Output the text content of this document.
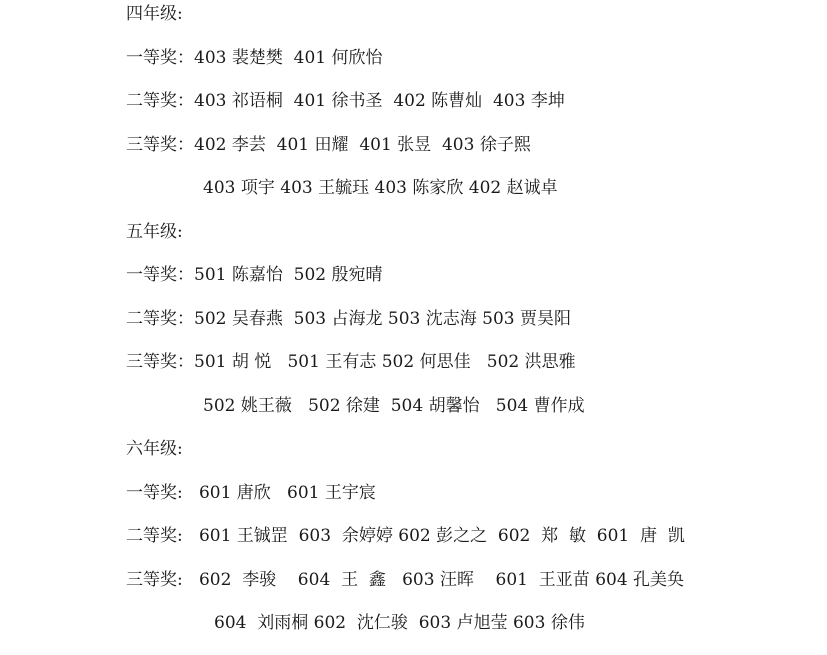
四年级:
一等奖：403 裴楚樊  401 何欣怡
二等奖：403 祁语桐  401 徐书圣  402 陈曹灿  403 李坤
三等奖：402 李芸  401 田耀  401 张昱  403 徐子熙
403 项宇 403 王毓珏 403 陈家欣 402 赵诚卓
五年级:
一等奖：501 陈嘉怡  502 殷宛晴
二等奖：502 吴春燕  503 占海龙 503 沈志海 503 贾昊阳
三等奖：501 胡 悦   501 王有志 502 何思佳   502 洪思雅
502 姚王薇   502 徐建  504 胡馨怡   504 曹作成
六年级:
一等奖:   601 唐欣   601 王宇宸
二等奖:   601 王铖罡  603  余婷婷 602 彭之之  602  郑  敏  601  唐  凯
三等奖:   602  李骏    604  王  鑫   603 汪晖    601  王亚苗 604 孔美奂
604  刘雨桐 602  沈仁骏  603 卢旭莹 603 徐伟
